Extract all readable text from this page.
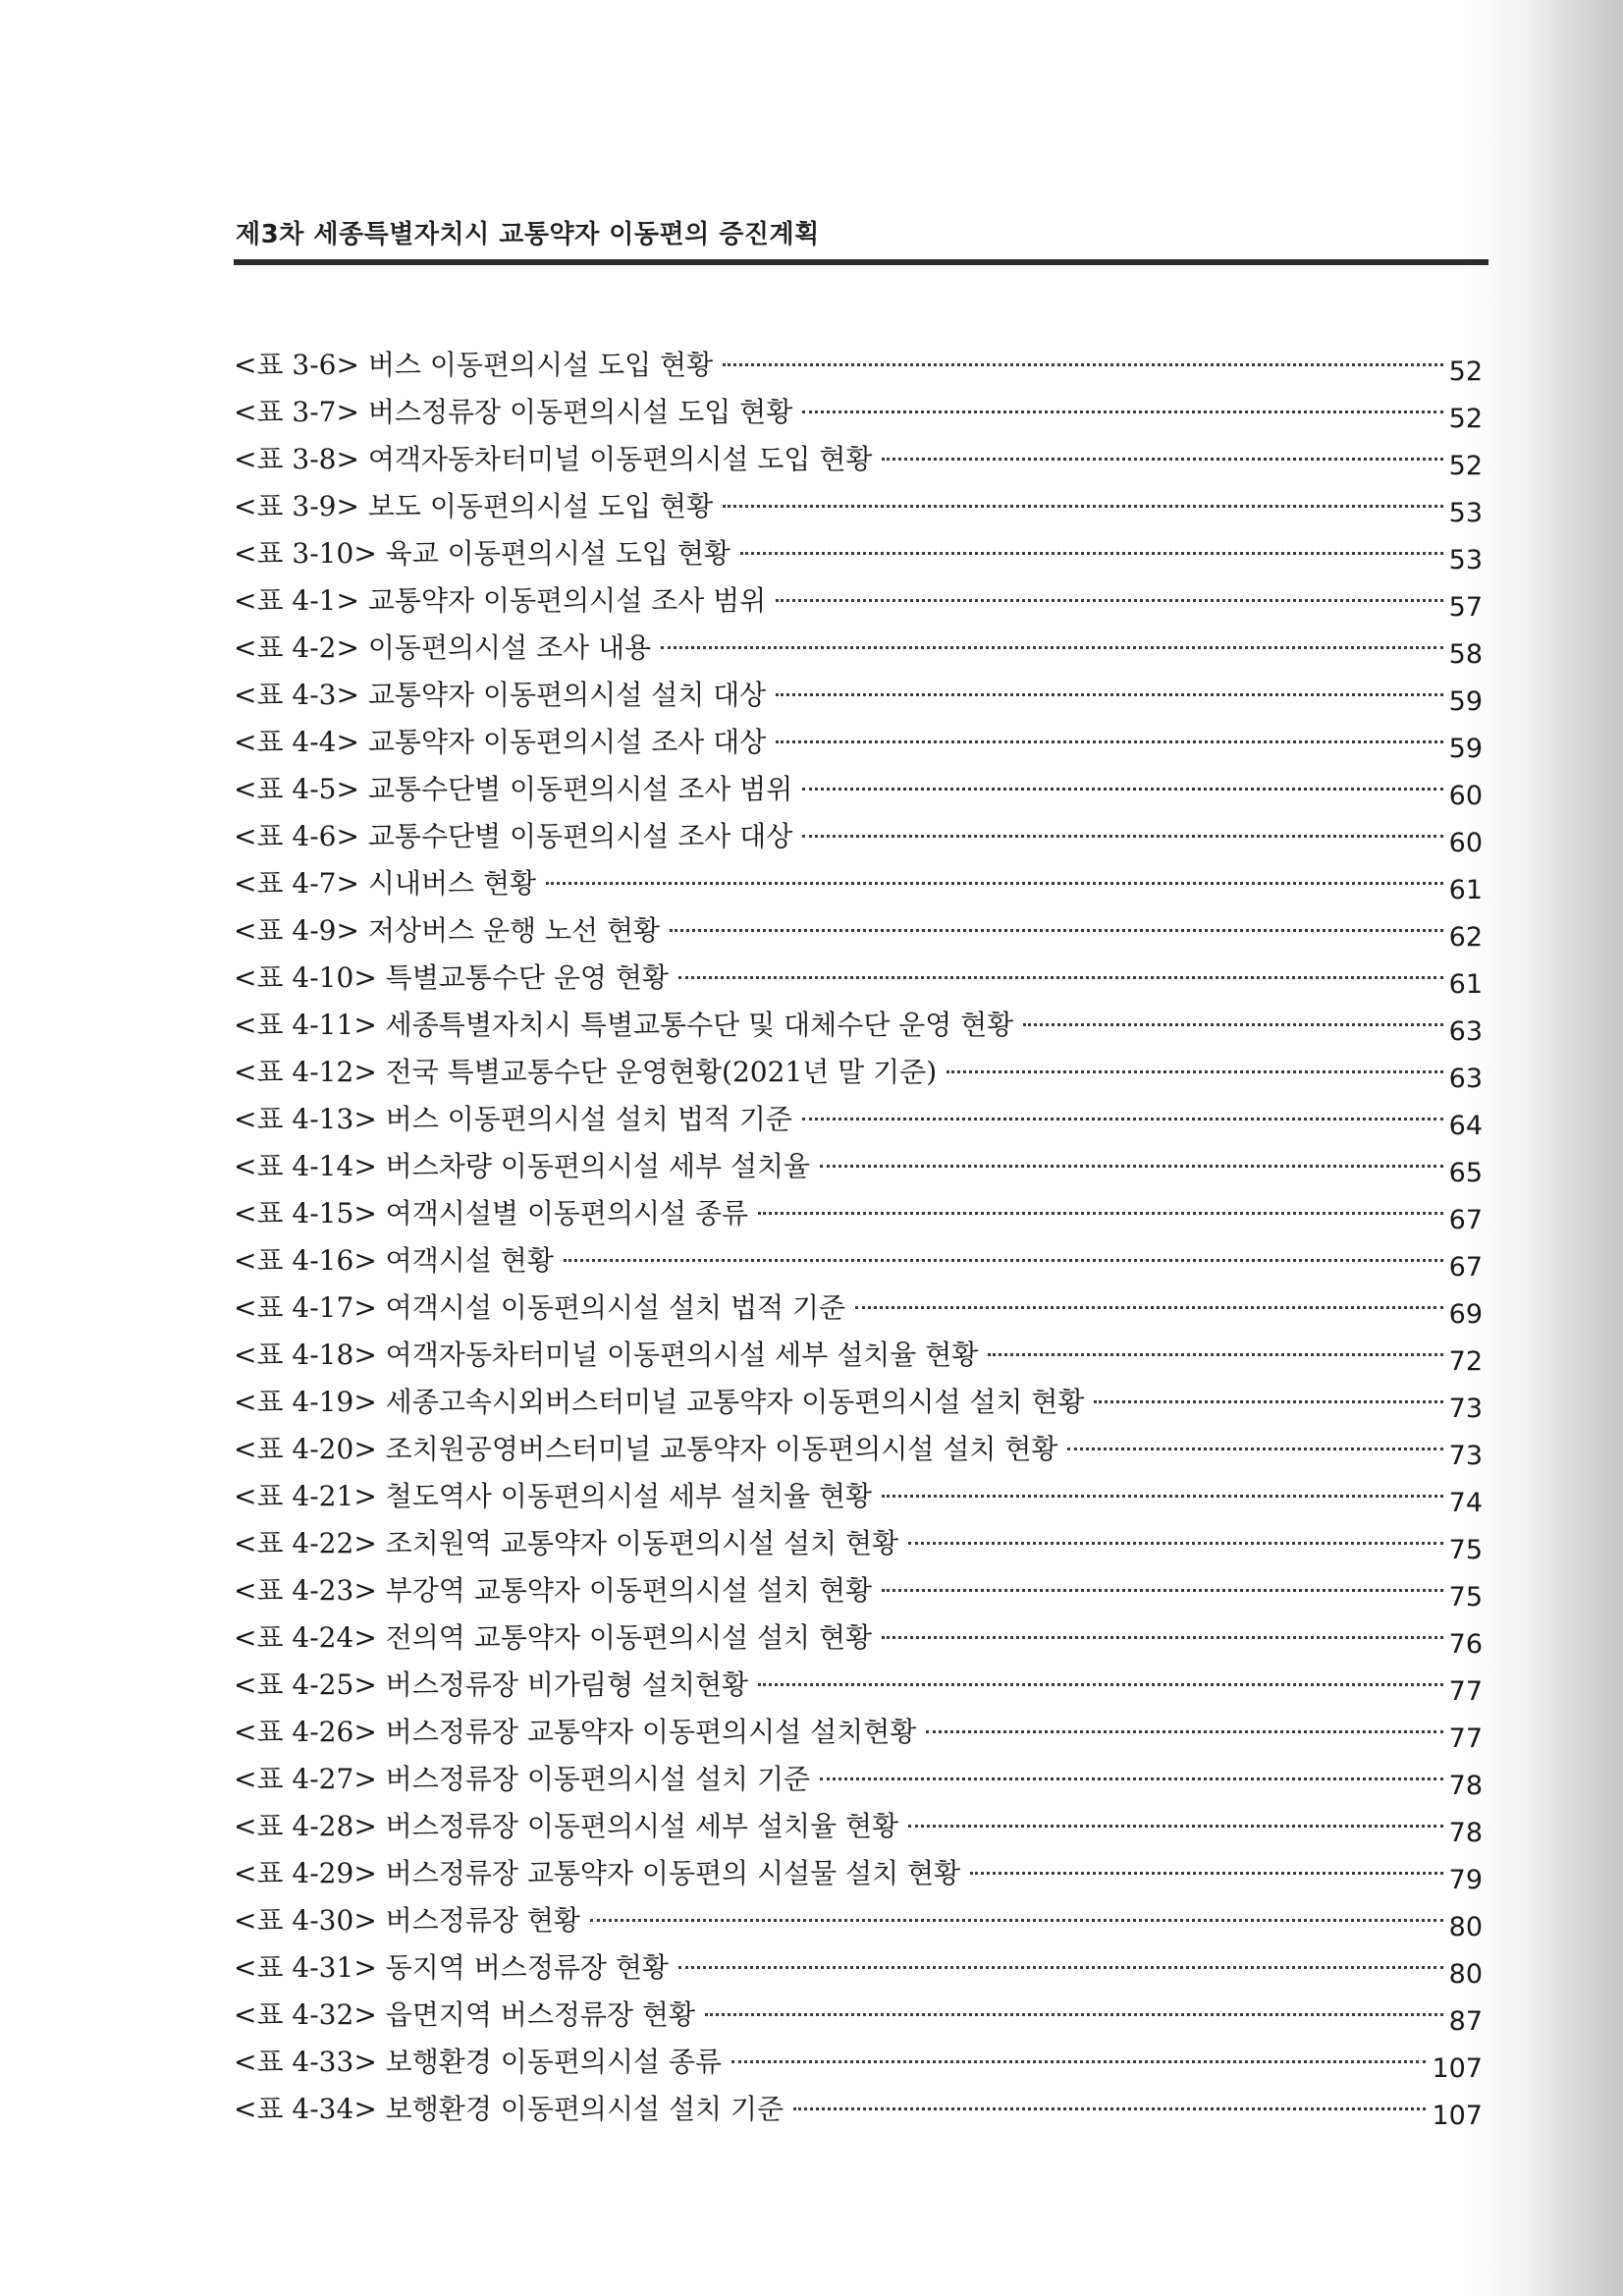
제3차 세종특별자치시 교통약자 이동편의 증진계획
<표 3-6> 버스 이동편의시설 도입 현황	52
<표 3-7> 버스정류장 이동편의시설 도입 현황	52
<표 3-8> 여객자동차터미널 이동편의시설 도입 현황	52
<표 3-9> 보도 이동편의시설 도입 현황	53
<표 3-10> 육교 이동편의시설 도입 현황	53
<표 4-1> 교통약자 이동편의시설 조사 범위	57
<표 4-2> 이동편의시설 조사 내용	58
<표 4-3> 교통약자 이동편의시설 설치 대상	59
<표 4-4> 교통약자 이동편의시설 조사 대상	59
<표 4-5> 교통수단별 이동편의시설 조사 범위	60
<표 4-6> 교통수단별 이동편의시설 조사 대상	60
<표 4-7> 시내버스 현황	61
<표 4-9> 저상버스 운행 노선 현황	62
<표 4-10> 특별교통수단 운영 현황	61
<표 4-11> 세종특별자치시 특별교통수단 및 대체수단 운영 현황	63
<표 4-12> 전국 특별교통수단 운영현황(2021년 말 기준)	63
<표 4-13> 버스 이동편의시설 설치 법적 기준	64
<표 4-14> 버스차량 이동편의시설 세부 설치율	65
<표 4-15> 여객시설별 이동편의시설 종류	67
<표 4-16> 여객시설 현황	67
<표 4-17> 여객시설 이동편의시설 설치 법적 기준	69
<표 4-18> 여객자동차터미널 이동편의시설 세부 설치율 현황	72
<표 4-19> 세종고속시외버스터미널 교통약자 이동편의시설 설치 현황	73
<표 4-20> 조치원공영버스터미널 교통약자 이동편의시설 설치 현황	73
<표 4-21> 철도역사 이동편의시설 세부 설치율 현황	74
<표 4-22> 조치원역 교통약자 이동편의시설 설치 현황	75
<표 4-23> 부강역 교통약자 이동편의시설 설치 현황	75
<표 4-24> 전의역 교통약자 이동편의시설 설치 현황	76
<표 4-25> 버스정류장 비가림형 설치현황	77
<표 4-26> 버스정류장 교통약자 이동편의시설 설치현황	77
<표 4-27> 버스정류장 이동편의시설 설치 기준	78
<표 4-28> 버스정류장 이동편의시설 세부 설치율 현황	78
<표 4-29> 버스정류장 교통약자 이동편의 시설물 설치 현황	79
<표 4-30> 버스정류장 현황	80
<표 4-31> 동지역 버스정류장 현황	80
<표 4-32> 읍면지역 버스정류장 현황	87
<표 4-33> 보행환경 이동편의시설 종류	107
<표 4-34> 보행환경 이동편의시설 설치 기준	107
